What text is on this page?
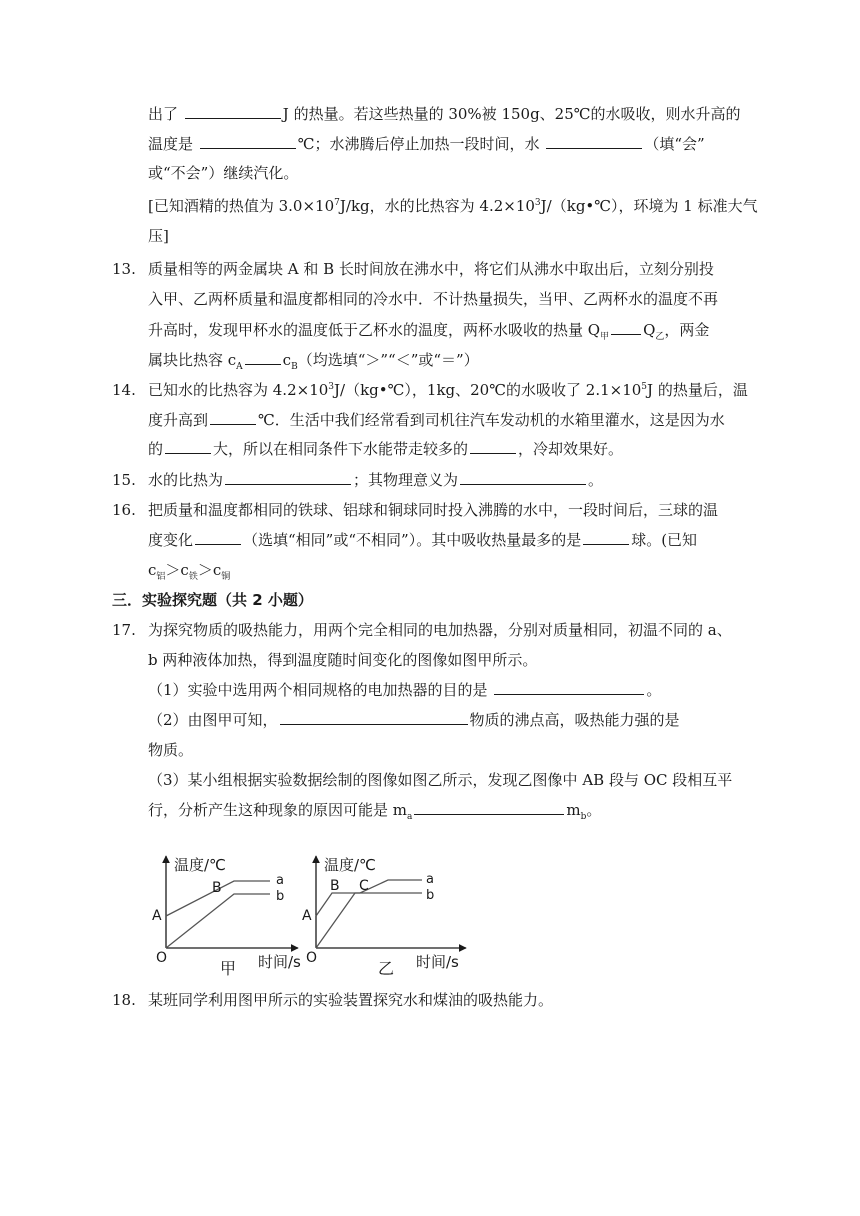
出了	J 的热量。若这些热量的 30%被 150g、25℃的水吸收，则水升高的
温度是	℃；水沸腾后停止加热一段时间，水	（填“会”
或“不会”）继续汽化。
[已知酒精的热值为 $3.0\times 10^7J/kg$，水的比热容为 $4.2\times 10^3J/(kg•℃)$，环境为 1 标准大气
压]
13. 质量相等的两金属块 A 和 B 长时间放在沸水中，将它们从沸水中取出后，立刻分别投
入甲、乙两杯质量和温度都相同的冷水中．不计热量损失，当甲、乙两杯水的温度不再
升高时，发现甲杯水的温度低于乙杯水的温度，两杯水吸收的热量 $Q_甲$ $Q_乙$，两金
属块比热容 $c_A$	$c_B$（均选填“＞”“＜”或“＝”）
14. 已知水的比热容为 $4.2\times 10^3J/(kg•℃)$，1kg、20℃的水吸收了 $2.1\times 10^5J$ 的热量后，温
度升高到	℃．生活中我们经常看到司机往汽车发动机的水箱里灌水，这是因为水
的	大，所以在相同条件下水能带走较多的	，冷却效果好。
15. 水的比热为	；其物理意义为	。
16. 把质量和温度都相同的铁球、铝球和铜球同时投入沸腾的水中，一段时间后，三球的温
度变化	（选填“相同”或“不相同”）。其中吸收热量最多的是	球。(已知
$c_铝>c_铁>c_铜$
三．实验探究题（共 2 小题）
17. 为探究物质的吸热能力，用两个完全相同的电加热器，分别对质量相同，初温不同的 a、
b 两种液体加热，得到温度随时间变化的图像如图甲所示。
（1）实验中选用两个相同规格的电加热器的目的是	。
（2）由图甲可知，	物质的沸点高，吸热能力强的是
物质。
（3）某小组根据实验数据绘制的图像如图乙所示，发现乙图像中 AB 段与 OC 段相互平
行，分析产生这种现象的原因可能是 $m_a$	$m_b$。
温度/℃
时间/s
甲
A
B
O
a
b
温度/℃
时间/s
乙
A
B C
O
a
b
18. 某班同学利用图甲所示的实验装置探究水和煤油的吸热能力。
